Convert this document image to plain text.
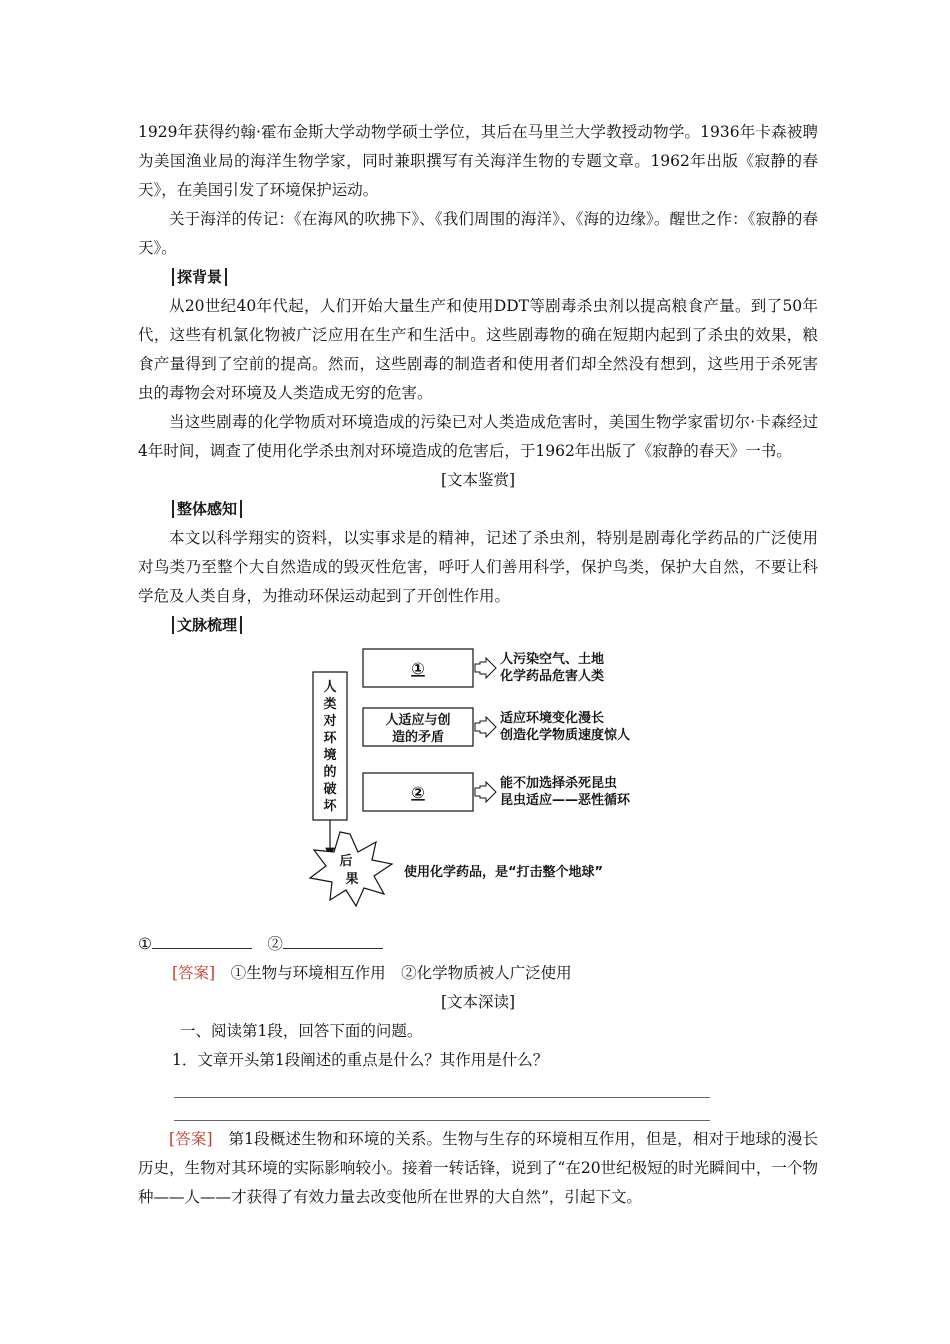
1929年获得约翰·霍布金斯大学动物学硕士学位，其后在马里兰大学教授动物学。1936年卡森被聘为美国渔业局的海洋生物学家，同时兼职撰写有关海洋生物的专题文章。1962年出版《寂静的春天》，在美国引发了环境保护运动。

关于海洋的传记：《在海风的吹拂下》、《我们周围的海洋》、《海的边缘》。醒世之作：《寂静的春天》。

探背景

从20世纪40年代起，人们开始大量生产和使用DDT等剧毒杀虫剂以提高粮食产量。到了50年代，这些有机氯化物被广泛应用在生产和生活中。这些剧毒物的确在短期内起到了杀虫的效果，粮食产量得到了空前的提高。然而，这些剧毒的制造者和使用者们却全然没有想到，这些用于杀死害虫的毒物会对环境及人类造成无穷的危害。

当这些剧毒的化学物质对环境造成的污染已对人类造成危害时，美国生物学家雷切尔·卡森经过4年时间，调查了使用化学杀虫剂对环境造成的危害后，于1962年出版了《寂静的春天》一书。

[文本鉴赏]

整体感知

本文以科学翔实的资料，以实事求是的精神，记述了杀虫剂，特别是剧毒化学药品的广泛使用对鸟类乃至整个大自然造成的毁灭性危害，呼吁人们善用科学，保护鸟类，保护大自然，不要让科学危及人类自身，为推动环保运动起到了开创性作用。

文脉梳理

人
类
对
环
境
的
破
坏
①	人污染空气、土地
化学药品危害人类
人适应与创
造的矛盾
适应环境变化漫长
创造化学物质速度惊人
②	能不加选择杀死昆虫
昆虫适应——恶性循环
后
果	使用化学药品，是“打击整个地球”

①　	②

[答案]　 ①生物与环境相互作用　②化学物质被人广泛使用

[文本深读]

一、阅读第1段，回答下面的问题。

1．文章开头第1段阐述的重点是什么？其作用是什么？

[答案]　 第1段概述生物和环境的关系。生物与生存的环境相互作用，但是，相对于地球的漫长历史，生物对其环境的实际影响较小。接着一转话锋，说到了“在20世纪极短的时光瞬间中，一个物种——人——才获得了有效力量去改变他所在世界的大自然”，引起下文。
